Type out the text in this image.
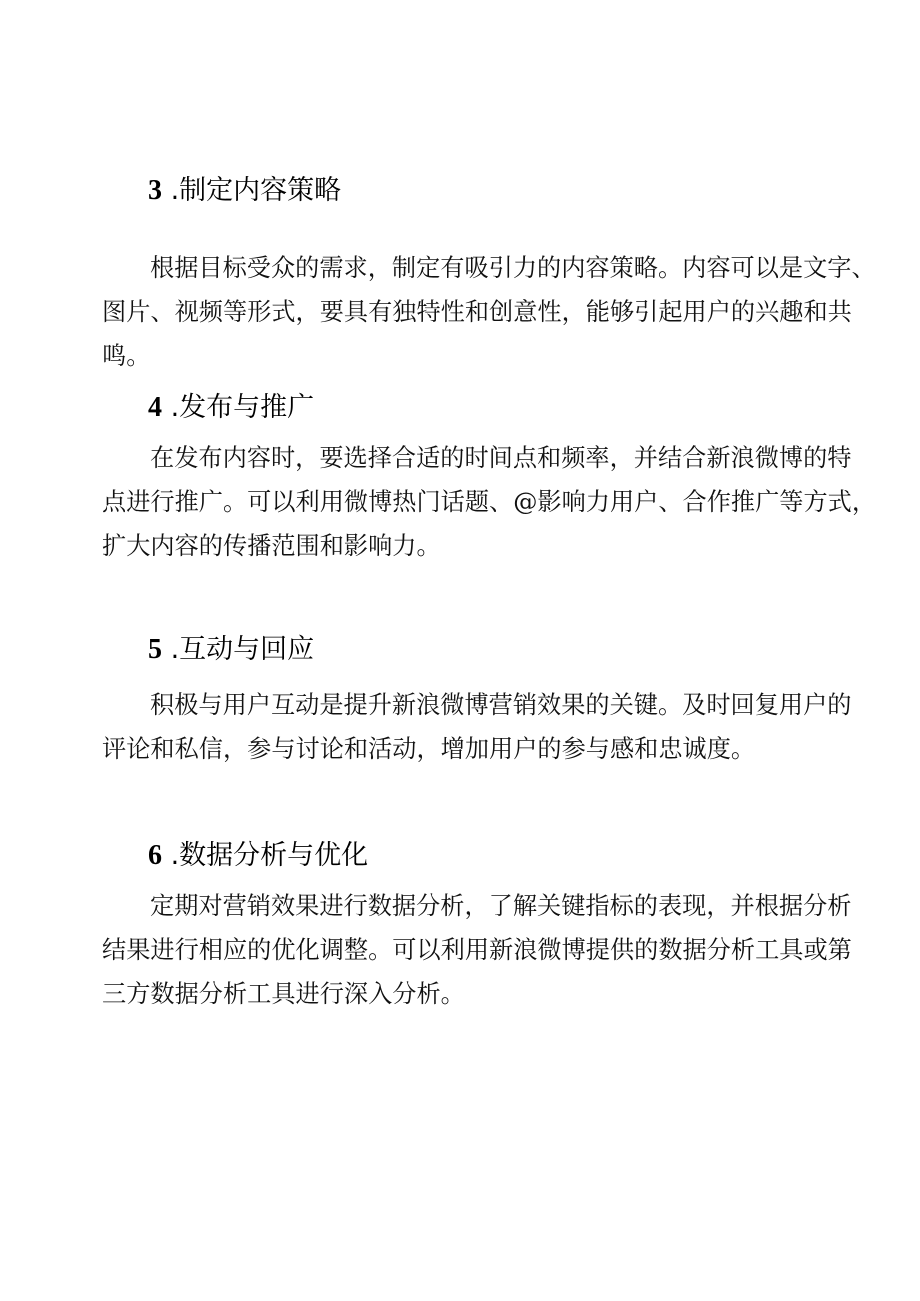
3 .制定内容策略
根据目标受众的需求，制定有吸引力的内容策略。内容可以是文字、
图片、视频等形式，要具有独特性和创意性，能够引起用户的兴趣和共
鸣。
4 .发布与推广
在发布内容时，要选择合适的时间点和频率，并结合新浪微博的特
点进行推广。可以利用微博热门话题、@影响力用户、合作推广等方式，
扩大内容的传播范围和影响力。
5 .互动与回应
积极与用户互动是提升新浪微博营销效果的关键。及时回复用户的
评论和私信，参与讨论和活动，增加用户的参与感和忠诚度。
6 .数据分析与优化
定期对营销效果进行数据分析，了解关键指标的表现，并根据分析
结果进行相应的优化调整。可以利用新浪微博提供的数据分析工具或第
三方数据分析工具进行深入分析。
